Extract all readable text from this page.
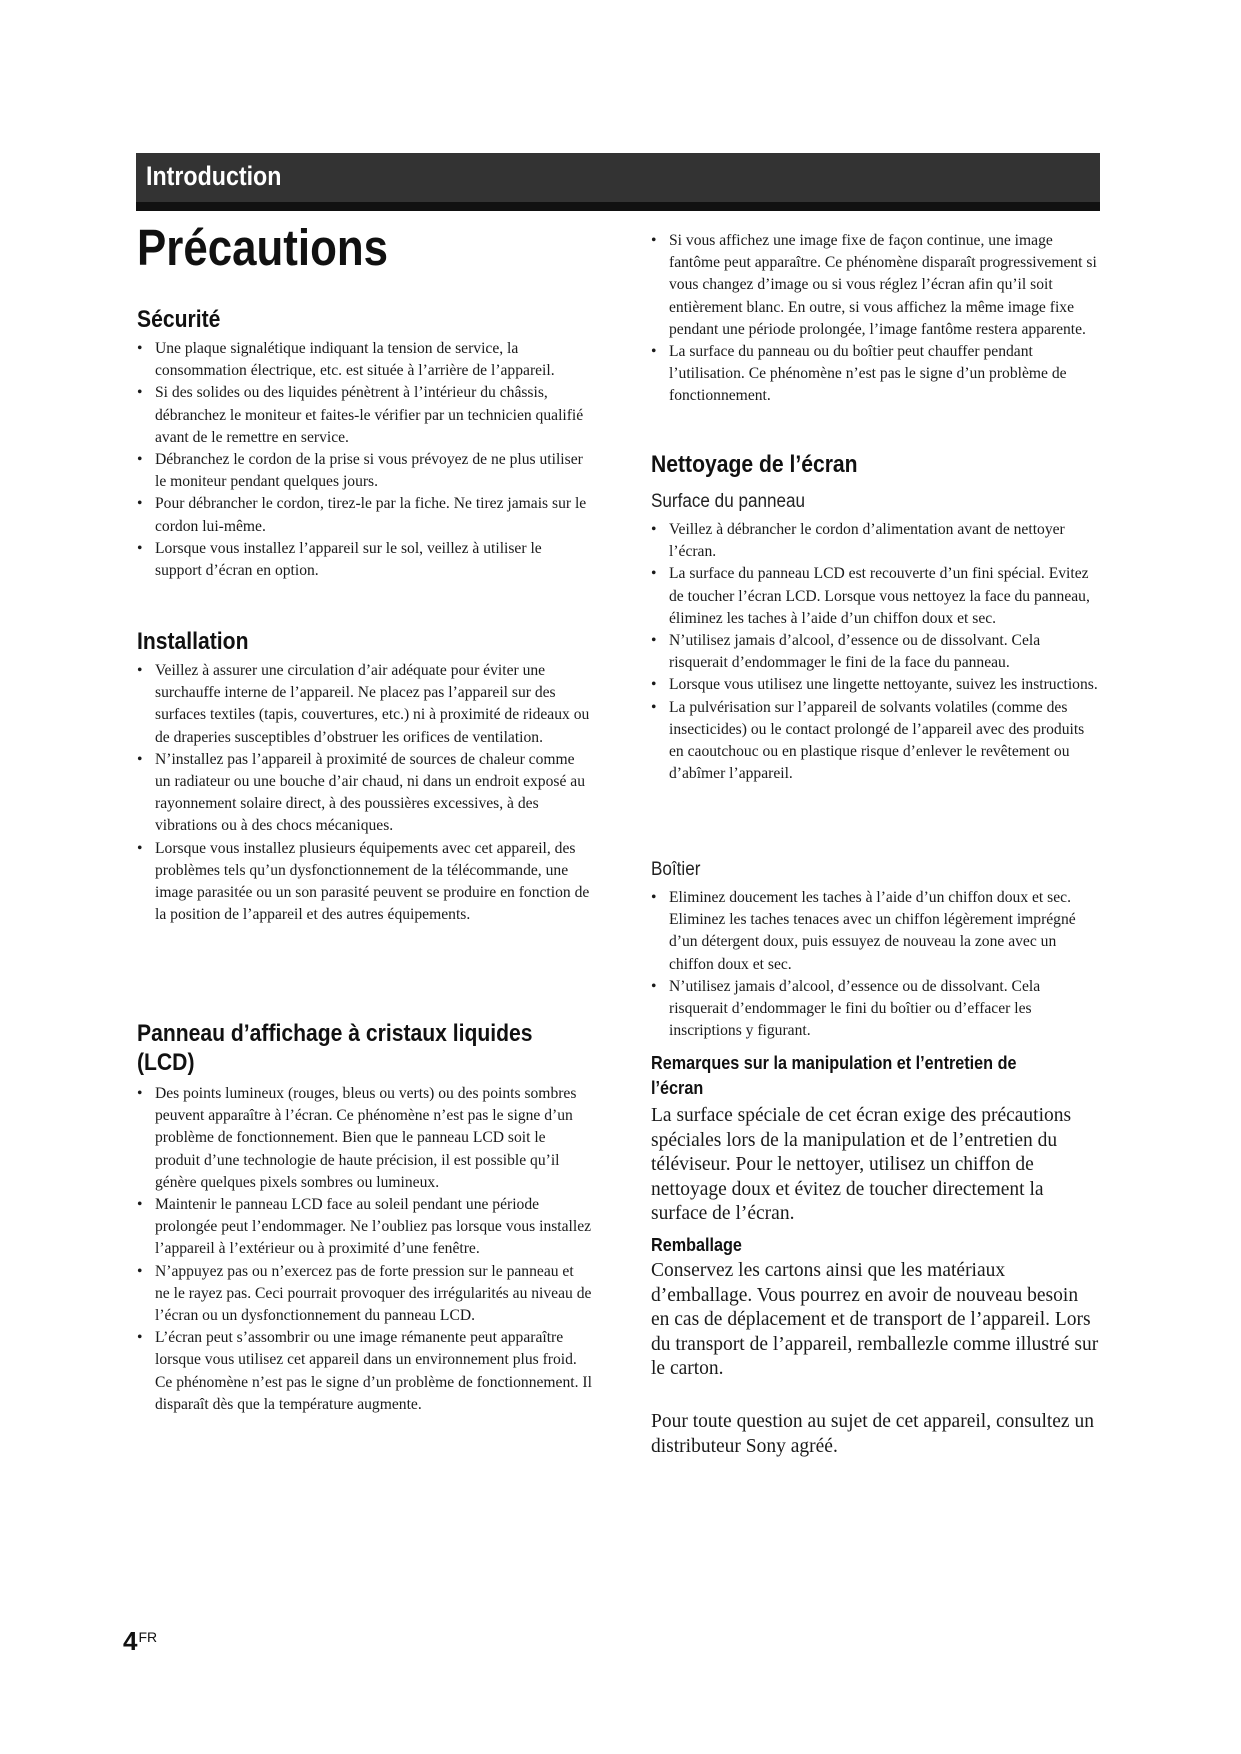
Introduction
Précautions
Sécurité
• Une plaque signalétique indiquant la tension de service, la consommation électrique, etc. est située à l’arrière de l’appareil.
• Si des solides ou des liquides pénètrent à l’intérieur du châssis, débranchez le moniteur et faites-le vérifier par un technicien qualifié avant de le remettre en service.
• Débranchez le cordon de la prise si vous prévoyez de ne plus utiliser le moniteur pendant quelques jours.
• Pour débrancher le cordon, tirez-le par la fiche. Ne tirez jamais sur le cordon lui-même.
• Lorsque vous installez l’appareil sur le sol, veillez à utiliser le support d’écran en option.
Installation
• Veillez à assurer une circulation d’air adéquate pour éviter une surchauffe interne de l’appareil. Ne placez pas l’appareil sur des surfaces textiles (tapis, couvertures, etc.) ni à proximité de rideaux ou de draperies susceptibles d’obstruer les orifices de ventilation.
• N’installez pas l’appareil à proximité de sources de chaleur comme un radiateur ou une bouche d’air chaud, ni dans un endroit exposé au rayonnement solaire direct, à des poussières excessives, à des vibrations ou à des chocs mécaniques.
• Lorsque vous installez plusieurs équipements avec cet appareil, des problèmes tels qu’un dysfonctionnement de la télécommande, une image parasitée ou un son parasité peuvent se produire en fonction de la position de l’appareil et des autres équipements.
Panneau d’affichage à cristaux liquides (LCD)
• Des points lumineux (rouges, bleus ou verts) ou des points sombres peuvent apparaître à l’écran. Ce phénomène n’est pas le signe d’un problème de fonctionnement. Bien que le panneau LCD soit le produit d’une technologie de haute précision, il est possible qu’il génère quelques pixels sombres ou lumineux.
• Maintenir le panneau LCD face au soleil pendant une période prolongée peut l’endommager. Ne l’oubliez pas lorsque vous installez l’appareil à l’extérieur ou à proximité d’une fenêtre.
• N’appuyez pas ou n’exercez pas de forte pression sur le panneau et ne le rayez pas. Ceci pourrait provoquer des irrégularités au niveau de l’écran ou un dysfonctionnement du panneau LCD.
• L’écran peut s’assombrir ou une image rémanente peut apparaître lorsque vous utilisez cet appareil dans un environnement plus froid. Ce phénomène n’est pas le signe d’un problème de fonctionnement. Il disparaît dès que la température augmente.
• Si vous affichez une image fixe de façon continue, une image fantôme peut apparaître. Ce phénomène disparaît progressivement si vous changez d’image ou si vous réglez l’écran afin qu’il soit entièrement blanc. En outre, si vous affichez la même image fixe pendant une période prolongée, l’image fantôme restera apparente.
• La surface du panneau ou du boîtier peut chauffer pendant l’utilisation. Ce phénomène n’est pas le signe d’un problème de fonctionnement.
Nettoyage de l’écran
Surface du panneau
• Veillez à débrancher le cordon d’alimentation avant de nettoyer l’écran.
• La surface du panneau LCD est recouverte d’un fini spécial. Evitez de toucher l’écran LCD. Lorsque vous nettoyez la face du panneau, éliminez les taches à l’aide d’un chiffon doux et sec.
• N’utilisez jamais d’alcool, d’essence ou de dissolvant. Cela risquerait d’endommager le fini de la face du panneau.
• Lorsque vous utilisez une lingette nettoyante, suivez les instructions.
• La pulvérisation sur l’appareil de solvants volatiles (comme des insecticides) ou le contact prolongé de l’appareil avec des produits en caoutchouc ou en plastique risque d’enlever le revêtement ou d’abîmer l’appareil.
Boîtier
• Eliminez doucement les taches à l’aide d’un chiffon doux et sec. Eliminez les taches tenaces avec un chiffon légèrement imprégné d’un détergent doux, puis essuyez de nouveau la zone avec un chiffon doux et sec.
• N’utilisez jamais d’alcool, d’essence ou de dissolvant. Cela risquerait d’endommager le fini du boîtier ou d’effacer les inscriptions y figurant.
Remarques sur la manipulation et l’entretien de l’écran

La surface spéciale de cet écran exige des précautions spéciales lors de la manipulation et de l’entretien du téléviseur. Pour le nettoyer, utilisez un chiffon de nettoyage doux et évitez de toucher directement la surface de l’écran.

Remballage

Conservez les cartons ainsi que les matériaux d’emballage. Vous pourrez en avoir de nouveau besoin en cas de déplacement et de transport de l’appareil. Lors du transport de l’appareil, remballezle comme illustré sur le carton.

Pour toute question au sujet de cet appareil, consultez un distributeur Sony agréé.

$4^{FR}$
